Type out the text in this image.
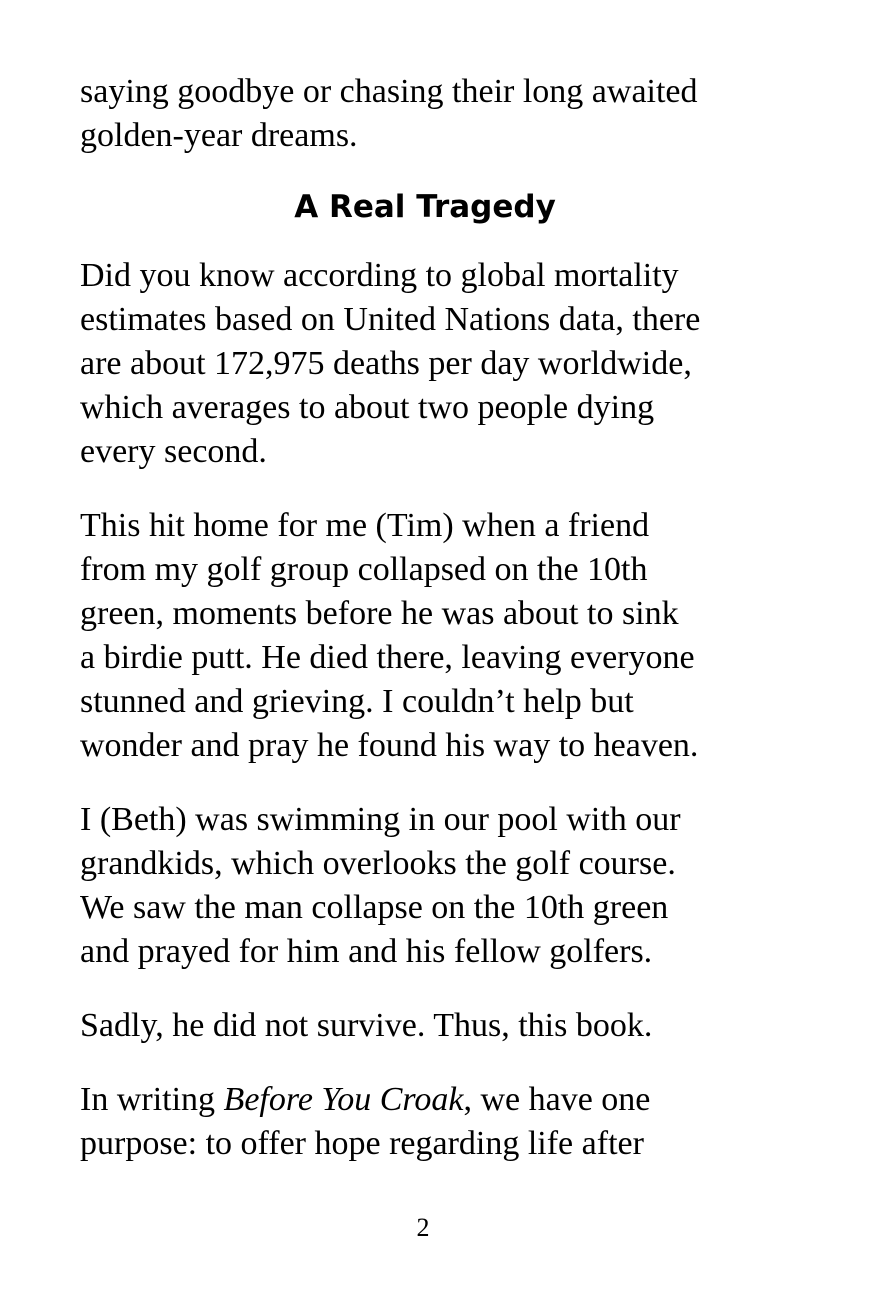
saying goodbye or chasing their long awaited
golden-year dreams.

A Real Tragedy

Did you know according to global mortality
estimates based on United Nations data, there
are about 172,975 deaths per day worldwide,
which averages to about two people dying
every second.

This hit home for me (Tim) when a friend
from my golf group collapsed on the 10th
green, moments before he was about to sink
a birdie putt. He died there, leaving everyone
stunned and grieving. I couldn’t help but
wonder and pray he found his way to heaven.

I (Beth) was swimming in our pool with our
grandkids, which overlooks the golf course.
We saw the man collapse on the 10th green
and prayed for him and his fellow golfers.

Sadly, he did not survive. Thus, this book.

In writing Before You Croak, we have one
purpose: to offer hope regarding life after

2
